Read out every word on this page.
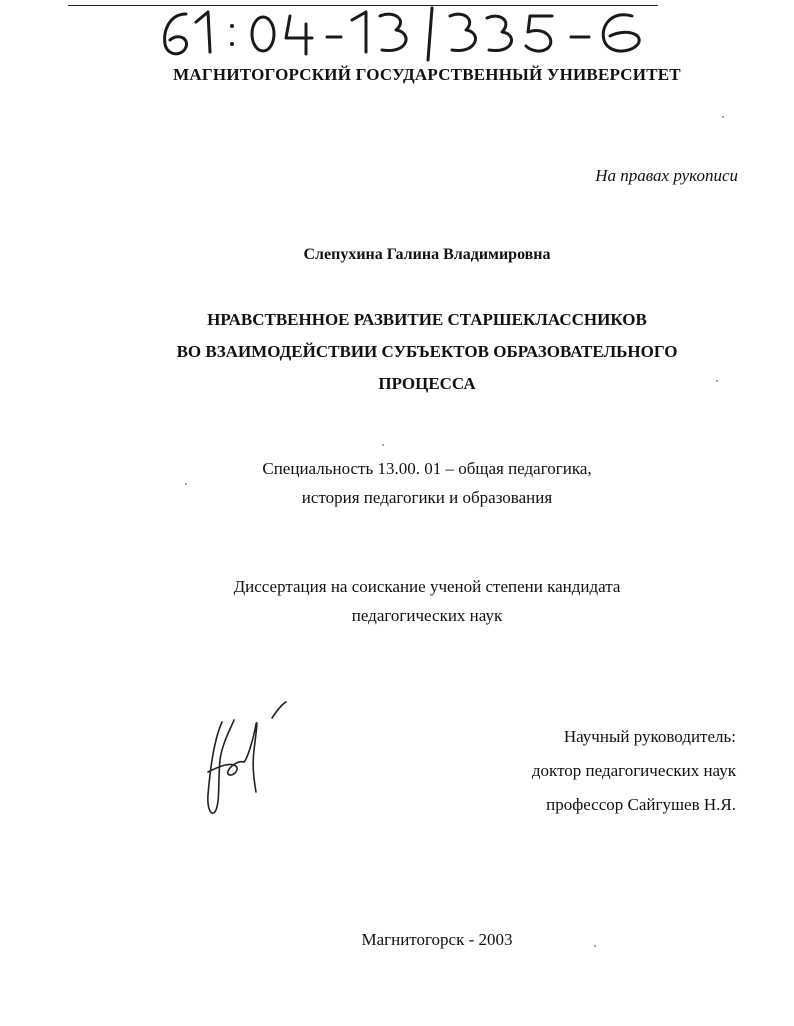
МАГНИТОГОРСКИЙ ГОСУДАРСТВЕННЫЙ УНИВЕРСИТЕТ
На правах рукописи
Слепухина Галина Владимировна
НРАВСТВЕННОЕ РАЗВИТИЕ СТАРШЕКЛАССНИКОВ
ВО ВЗАИМОДЕЙСТВИИ СУБЪЕКТОВ ОБРАЗОВАТЕЛЬНОГО
ПРОЦЕССА
Специальность 13.00. 01 – общая педагогика,
история педагогики и образования
Диссертация на соискание ученой степени кандидата
педагогических наук
Научный руководитель:
доктор педагогических наук
профессор Сайгушев Н.Я.
Магнитогорск - 2003
